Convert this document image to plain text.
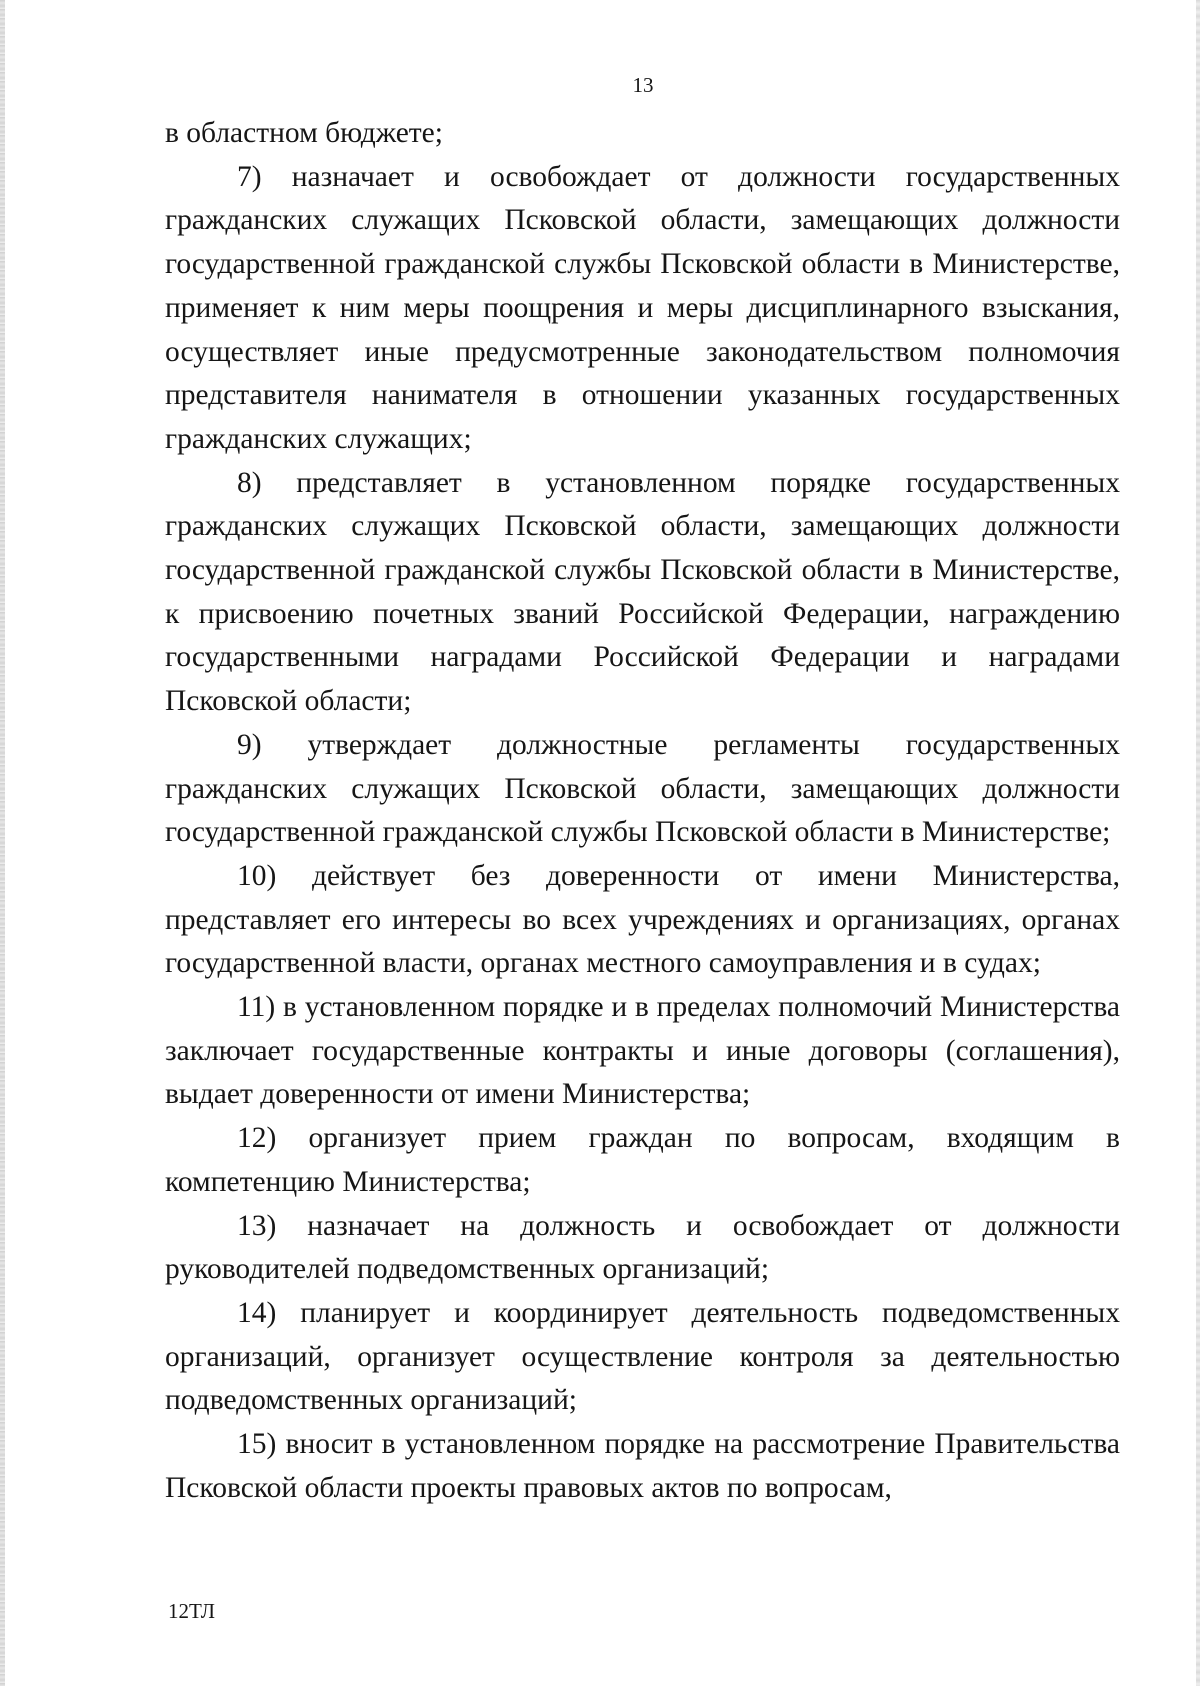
13

в областном бюджете;

7) назначает и освобождает от должности государственных гражданских служащих Псковской области, замещающих должности государственной гражданской службы Псковской области в Министерстве, применяет к ним меры поощрения и меры дисциплинарного взыскания, осуществляет иные предусмотренные законодательством полномочия представителя нанимателя в отношении указанных государственных гражданских служащих;

8) представляет в установленном порядке государственных гражданских служащих Псковской области, замещающих должности государственной гражданской службы Псковской области в Министерстве, к присвоению почетных званий Российской Федерации, награждению государственными наградами Российской Федерации и наградами Псковской области;

9) утверждает должностные регламенты государственных гражданских служащих Псковской области, замещающих должности государственной гражданской службы Псковской области в Министерстве;

10) действует без доверенности от имени Министерства, представляет его интересы во всех учреждениях и организациях, органах государственной власти, органах местного самоуправления и в судах;

11) в установленном порядке и в пределах полномочий Министерства заключает государственные контракты и иные договоры (соглашения), выдает доверенности от имени Министерства;

12) организует прием граждан по вопросам, входящим в компетенцию Министерства;

13) назначает на должность и освобождает от должности руководителей подведомственных организаций;

14) планирует и координирует деятельность подведомственных организаций, организует осуществление контроля за деятельностью подведомственных организаций;

15) вносит в установленном порядке на рассмотрение Правительства Псковской области проекты правовых актов по вопросам,

12ТЛ
